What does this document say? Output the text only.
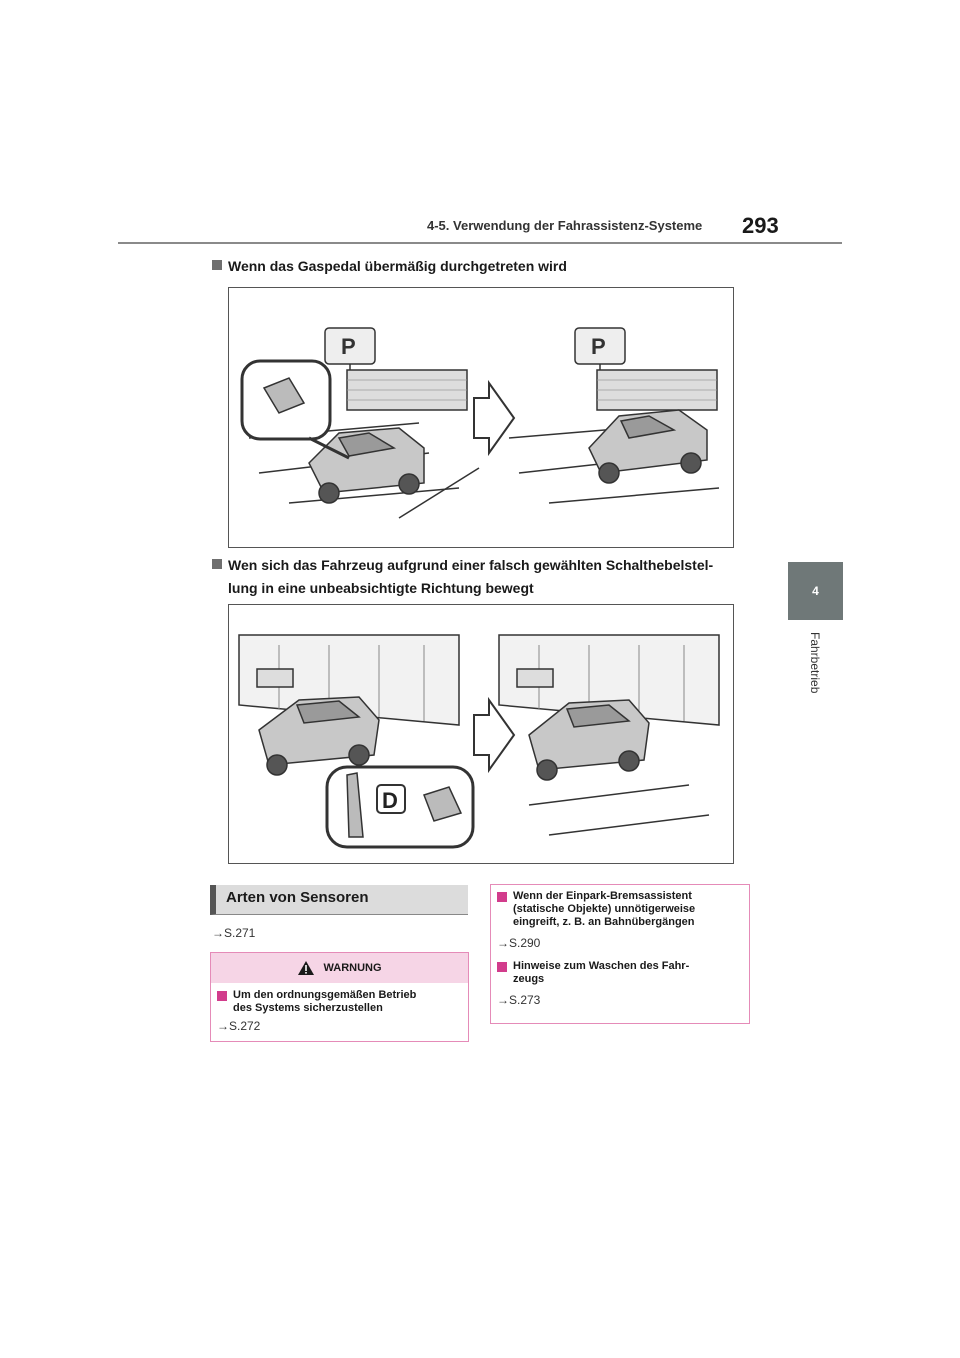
4-5. Verwendung der Fahrassistenz-Systeme 293
4
Fahrbetrieb
Wenn das Gaspedal übermäßig durchgetreten wird
P	P
Wen sich das Fahrzeug aufgrund einer falsch gewählten Schalthebelstel-
lung in eine unbeabsichtigte Richtung bewegt
D
Arten von Sensoren
→S.271
WARNUNG
Um den ordnungsgemäßen Betrieb
des Systems sicherzustellen
→S.272
Wenn der Einpark-Bremsassistent
(statische Objekte) unnötigerweise
eingreift, z. B. an Bahnübergängen
→S.290
Hinweise zum Waschen des Fahr-
zeugs
→S.273
